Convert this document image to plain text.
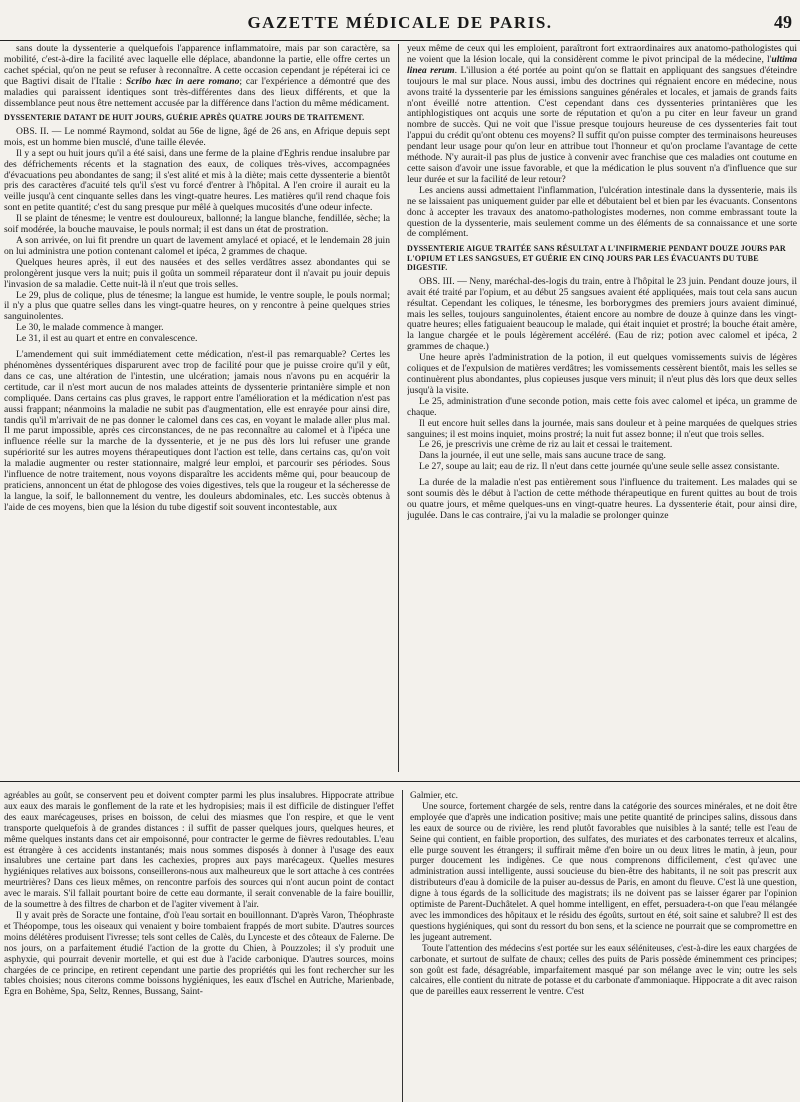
GAZETTE MÉDICALE DE PARIS.	49

sans doute la dyssenterie a quelquefois l'apparence inflammatoire, mais par son caractère, sa mobilité, c'est-à-dire la facilité avec laquelle elle déplace, abandonne la partie, elle offre certes un cachet spécial, qu'on ne peut se refuser à reconnaître. A cette occasion cependant je répéterai ici ce que Bagtivi disait de l'Italie : Scribo hæc in aere romano; car l'expérience a démontré que des maladies qui paraissent identiques sont très-différentes dans des lieux différents, et que la dissemblance peut nous être nettement accusée par la différence dans l'action du même médicament.

DYSSENTERIE DATANT DE HUIT JOURS, GUÉRIE APRÈS QUATRE JOURS DE TRAITEMENT.

OBS. II. — Le nommé Raymond, soldat au 56e de ligne, âgé de 26 ans, en Afrique depuis sept mois, est un homme bien musclé, d'une taille élevée.

Il y a sept ou huit jours qu'il a été saisi, dans une ferme de la plaine d'Eghris rendue insalubre par des défrichements récents et la stagnation des eaux, de coliques très-vives, accompagnées d'évacuations peu abondantes de sang; il s'est alité et mis à la diète; mais cette dyssenterie a bientôt pris des caractères d'acuité tels qu'il s'est vu forcé d'entrer à l'hôpital. A l'en croire il aurait eu la veille jusqu'à cent cinquante selles dans les vingt-quatre heures. Les matières qu'il rend chaque fois sont en petite quantité; c'est du sang presque pur mêlé à quelques mucosités d'une odeur infecte.

Il se plaint de ténesme; le ventre est douloureux, ballonné; la langue blanche, fendillée, sèche; la soif modérée, la bouche mauvaise, le pouls normal; il est dans un état de prostration.

A son arrivée, on lui fit prendre un quart de lavement amylacé et opiacé, et le lendemain 28 juin on lui administra une potion contenant calomel et ipéca, 2 grammes de chaque.

Quelques heures après, il eut des nausées et des selles verdâtres assez abondantes qui se prolongèrent jusque vers la nuit; puis il goûta un sommeil réparateur dont il n'avait pu jouir depuis l'invasion de sa maladie. Cette nuit-là il n'eut que trois selles.

Le 29, plus de colique, plus de ténesme; la langue est humide, le ventre souple, le pouls normal; il n'y a plus que quatre selles dans les vingt-quatre heures, on y rencontre à peine quelques stries sanguinolentes.

Le 30, le malade commence à manger.

Le 31, il est au quart et entre en convalescence.

L'amendement qui suit immédiatement cette médication, n'est-il pas remarquable? Certes les phénomènes dyssentériques disparurent avec trop de facilité pour que je puisse croire qu'il y eût, dans ce cas, une altération de l'intestin, une ulcération; jamais nous n'avons pu en acquérir la certitude, car il n'est mort aucun de nos malades atteints de dyssenterie printanière simple et non compliquée. Dans certains cas plus graves, le rapport entre l'amélioration et la médication n'est pas aussi frappant; néanmoins la maladie ne subit pas d'augmentation, elle est enrayée pour ainsi dire, tandis qu'il m'arrivait de ne pas donner le calomel dans ces cas, en voyant le malade aller plus mal. Il me parut impossible, après ces circonstances, de ne pas reconnaître au calomel et à l'ipéca une influence réelle sur la marche de la dyssenterie, et je ne pus dès lors lui refuser une grande supériorité sur les autres moyens thérapeutiques dont l'action est telle, dans certains cas, qu'on voit la maladie augmenter ou rester stationnaire, malgré leur emploi, et parcourir ses périodes. Sous l'influence de notre traitement, nous voyons disparaître les accidents même qui, pour beaucoup de praticiens, annoncent un état de phlogose des voies digestives, tels que la rougeur et la sécheresse de la langue, la soif, le ballonnement du ventre, les douleurs abdominales, etc. Les succès obtenus à l'aide de ces moyens, bien que la lésion du tube digestif soit souvent incontestable, aux

yeux même de ceux qui les emploient, paraîtront fort extraordinaires aux anatomo-pathologistes qui ne voient que la lésion locale, qui la considèrent comme le pivot principal de la médecine, l'ultima linea rerum. L'illusion a été portée au point qu'on se flattait en appliquant des sangsues d'éteindre toujours le mal sur place. Nous aussi, imbu des doctrines qui régnaient encore en médecine, nous avons traité la dyssenterie par les émissions sanguines générales et locales, et jamais de grands faits n'ont éveillé notre attention. C'est cependant dans ces dyssenteries printanières que les antiphlogistiques ont acquis une sorte de réputation et qu'on a pu citer en leur faveur un grand nombre de succès. Qui ne voit que l'issue presque toujours heureuse de ces dyssenteries fait tout l'appui du crédit qu'ont obtenu ces moyens? Il suffit qu'on puisse compter des terminaisons heureuses pendant leur usage pour qu'on leur en attribue tout l'honneur et qu'on proclame l'avantage de cette méthode. N'y aurait-il pas plus de justice à convenir avec franchise que ces maladies ont coutume en cette saison d'avoir une issue favorable, et que la médication le plus souvent n'a d'influence que sur leur durée et sur la facilité de leur retour?

Les anciens aussi admettaient l'inflammation, l'ulcération intestinale dans la dyssenterie, mais ils ne se laissaient pas uniquement guider par elle et débutaient bel et bien par les évacuants. Consentons donc à accepter les travaux des anatomo-pathologistes modernes, non comme embrassant toute la question de la dyssenterie, mais seulement comme un des éléments de sa connaissance et une sorte de complément.

DYSSENTERIE AIGUE TRAITÉE SANS RÉSULTAT A L'INFIRMERIE PENDANT DOUZE JOURS PAR L'OPIUM ET LES SANGSUES, ET GUÉRIE EN CINQ JOURS PAR LES ÉVACUANTS DU TUBE DIGESTIF.

OBS. III. — Neny, maréchal-des-logis du train, entre à l'hôpital le 23 juin. Pendant douze jours, il avait été traité par l'opium, et au début 25 sangsues avaient été appliquées, mais tout cela sans aucun résultat. Cependant les coliques, le ténesme, les borborygmes des premiers jours avaient diminué, mais les selles, toujours sanguinolentes, étaient encore au nombre de douze à quinze dans les vingt-quatre heures; elles fatiguaient beaucoup le malade, qui était inquiet et prostré; la bouche était amère, la langue chargée et le pouls légèrement accéléré. (Eau de riz; potion avec calomel et ipéca, 2 grammes de chaque.)

Une heure après l'administration de la potion, il eut quelques vomissements suivis de légères coliques et de l'expulsion de matières verdâtres; les vomissements cessèrent bientôt, mais les selles se continuèrent plus abondantes, plus copieuses jusque vers minuit; il n'eut plus dès lors que deux selles jusqu'à la visite.

Le 25, administration d'une seconde potion, mais cette fois avec calomel et ipéca, un gramme de chaque.

Il eut encore huit selles dans la journée, mais sans douleur et à peine marquées de quelques stries sanguines; il est moins inquiet, moins prostré; la nuit fut assez bonne; il n'eut que trois selles.

Le 26, je prescrivis une crème de riz au lait et cessai le traitement.

Dans la journée, il eut une selle, mais sans aucune trace de sang.

Le 27, soupe au lait; eau de riz. Il n'eut dans cette journée qu'une seule selle assez consistante.

La durée de la maladie n'est pas entièrement sous l'influence du traitement. Les malades qui se sont soumis dès le début à l'action de cette méthode thérapeutique en furent quittes au bout de trois ou quatre jours, et même quelques-uns en vingt-quatre heures. La dyssenterie était, pour ainsi dire, jugulée. Dans le cas contraire, j'ai vu la maladie se prolonger quinze

agréables au goût, se conservent peu et doivent compter parmi les plus insalubres. Hippocrate attribue aux eaux des marais le gonflement de la rate et les hydropisies; mais il est difficile de distinguer l'effet des eaux marécageuses, prises en boisson, de celui des miasmes que l'on respire, et que le vent transporte quelquefois à de grandes distances : il suffit de passer quelques jours, quelques heures, et même quelques instants dans cet air empoisonné, pour contracter le germe de fièvres redoutables. L'eau est étrangère à ces accidents instantanés; mais nous sommes disposés à donner à l'usage des eaux insalubres une certaine part dans les cachexies, propres aux pays marécageux. Quelles mesures hygiéniques relatives aux boissons, conseillerons-nous aux malheureux que le sort attache à ces contrées meurtrières? Dans ces lieux mêmes, on rencontre parfois des sources qui n'ont aucun point de contact avec le marais. S'il fallait pourtant boire de cette eau dormante, il serait convenable de la faire bouillir, de la soumettre à des filtres de charbon et de l'agiter vivement à l'air.

Il y avait près de Soracte une fontaine, d'où l'eau sortait en bouillonnant. D'après Varon, Théophraste et Théopompe, tous les oiseaux qui venaient y boire tombaient frappés de mort subite. D'autres sources moins délétères produisent l'ivresse; tels sont celles de Calès, du Lynceste et des côteaux de Falerne. De nos jours, on a parfaitement étudié l'action de la grotte du Chien, à Pouzzoles; il s'y produit une asphyxie, qui pourrait devenir mortelle, et qui est due à l'acide carbonique. D'autres sources, moins chargées de ce principe, en retirent cependant une partie des propriétés qui les font rechercher sur les tables choisies; nous citerons comme boissons hygiéniques, les eaux d'Ischel en Autriche, Marienbade, Egra en Bohème, Spa, Seltz, Rennes, Bussang, Saint-

Galmier, etc.

Une source, fortement chargée de sels, rentre dans la catégorie des sources minérales, et ne doit être employée que d'après une indication positive; mais une petite quantité de principes salins, dissous dans les eaux de source ou de rivière, les rend plutôt favorables que nuisibles à la santé; telle est l'eau de Seine qui contient, en faible proportion, des sulfates, des muriates et des carbonates terreux et alcalins, elle purge souvent les étrangers; il suffirait même d'en boire un ou deux litres le matin, à jeun, pour purger doucement les indigènes. Ce que nous comprenons difficilement, c'est qu'avec une administration aussi intelligente, aussi soucieuse du bien-être des habitants, il ne soit pas prescrit aux distributeurs d'eau à domicile de la puiser au-dessus de Paris, en amont du fleuve. C'est là une question, digne à tous égards de la sollicitude des magistrats; ils ne doivent pas se laisser égarer par l'opinion optimiste de Parent-Duchâtelet. A quel homme intelligent, en effet, persuadera-t-on que l'eau mélangée avec les immondices des hôpitaux et le résidu des égoûts, surtout en été, soit saine et salubre? Il est des questions hygiéniques, qui sont du ressort du bon sens, et la science ne pourrait que se compromettre en les jugeant autrement.

Toute l'attention des médecins s'est portée sur les eaux séléniteuses, c'est-à-dire les eaux chargées de carbonate, et surtout de sulfate de chaux; celles des puits de Paris possède éminemment ces principes; son goût est fade, désagréable, imparfaitement masqué par son mélange avec le vin; outre les sels calcaires, elle contient du nitrate de potasse et du carbonate d'ammoniaque. Hippocrate a dit avec raison que de pareilles eaux resserrent le ventre. C'est
